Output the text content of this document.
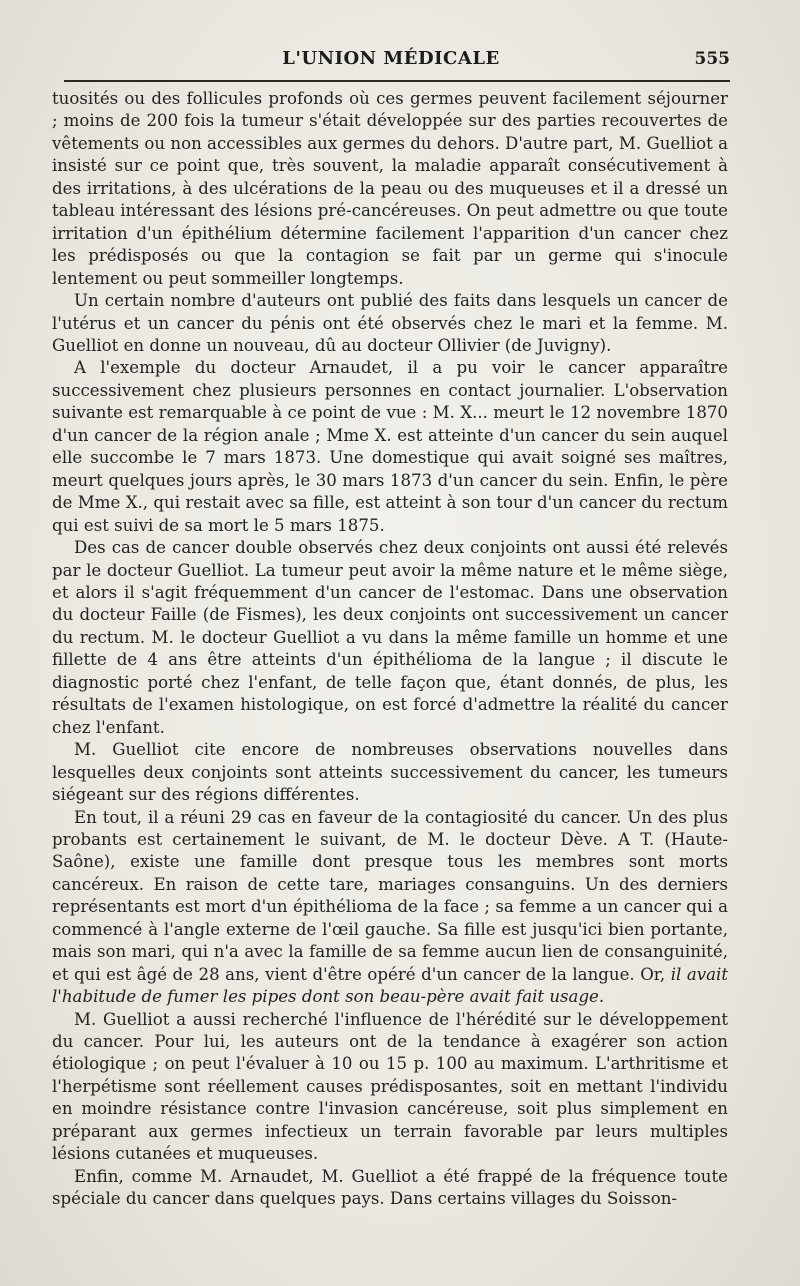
L'UNION MÉDICALE	555

tuosités ou des follicules profonds où ces germes peuvent facilement séjourner ; moins de 200 fois la tumeur s'était développée sur des parties recouvertes de vêtements ou non accessibles aux germes du dehors. D'autre part, M. Guelliot a insisté sur ce point que, très souvent, la maladie apparaît consécutivement à des irritations, à des ulcérations de la peau ou des muqueuses et il a dressé un tableau intéressant des lésions pré-cancéreuses. On peut admettre ou que toute irritation d'un épithélium détermine facilement l'apparition d'un cancer chez les prédisposés ou que la contagion se fait par un germe qui s'inocule lentement ou peut sommeiller longtemps.

Un certain nombre d'auteurs ont publié des faits dans lesquels un cancer de l'utérus et un cancer du pénis ont été observés chez le mari et la femme. M. Guelliot en donne un nouveau, dû au docteur Ollivier (de Juvigny).

A l'exemple du docteur Arnaudet, il a pu voir le cancer apparaître successivement chez plusieurs personnes en contact journalier. L'observation suivante est remarquable à ce point de vue : M. X... meurt le 12 novembre 1870 d'un cancer de la région anale ; Mme X. est atteinte d'un cancer du sein auquel elle succombe le 7 mars 1873. Une domestique qui avait soigné ses maîtres, meurt quelques jours après, le 30 mars 1873 d'un cancer du sein. Enfin, le père de Mme X., qui restait avec sa fille, est atteint à son tour d'un cancer du rectum qui est suivi de sa mort le 5 mars 1875.

Des cas de cancer double observés chez deux conjoints ont aussi été relevés par le docteur Guelliot. La tumeur peut avoir la même nature et le même siège, et alors il s'agit fréquemment d'un cancer de l'estomac. Dans une observation du docteur Faille (de Fismes), les deux conjoints ont successivement un cancer du rectum. M. le docteur Guelliot a vu dans la même famille un homme et une fillette de 4 ans être atteints d'un épithélioma de la langue ; il discute le diagnostic porté chez l'enfant, de telle façon que, étant donnés, de plus, les résultats de l'examen histologique, on est forcé d'admettre la réalité du cancer chez l'enfant.

M. Guelliot cite encore de nombreuses observations nouvelles dans lesquelles deux conjoints sont atteints successivement du cancer, les tumeurs siégeant sur des régions différentes.

En tout, il a réuni 29 cas en faveur de la contagiosité du cancer. Un des plus probants est certainement le suivant, de M. le docteur Dève. A T. (Haute-Saône), existe une famille dont presque tous les membres sont morts cancéreux. En raison de cette tare, mariages consanguins. Un des derniers représentants est mort d'un épithélioma de la face ; sa femme a un cancer qui a commencé à l'angle externe de l'œil gauche. Sa fille est jusqu'ici bien portante, mais son mari, qui n'a avec la famille de sa femme aucun lien de consanguinité, et qui est âgé de 28 ans, vient d'être opéré d'un cancer de la langue. Or, il avait l'habitude de fumer les pipes dont son beau-père avait fait usage.

M. Guelliot a aussi recherché l'influence de l'hérédité sur le développement du cancer. Pour lui, les auteurs ont de la tendance à exagérer son action étiologique ; on peut l'évaluer à 10 ou 15 p. 100 au maximum. L'arthritisme et l'herpétisme sont réellement causes prédisposantes, soit en mettant l'individu en moindre résistance contre l'invasion cancéreuse, soit plus simplement en préparant aux germes infectieux un terrain favorable par leurs multiples lésions cutanées et muqueuses.

Enfin, comme M. Arnaudet, M. Guelliot a été frappé de la fréquence toute spéciale du cancer dans quelques pays. Dans certains villages du Soisson-
